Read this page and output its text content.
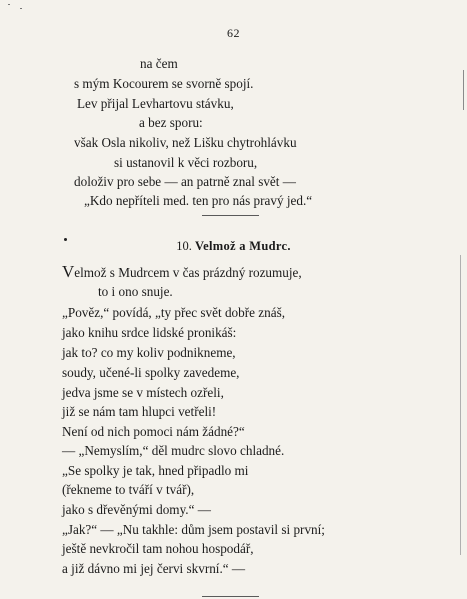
62
na čem
s mým Kocourem se svorně spojí.
Lev přijal Levhartovu stávku,
a bez sporu:
však Osla nikoliv, než Lišku chytrohlávku
si ustanovil k věci rozboru,
doloživ pro sebe — an patrně znal svět —
„Kdo nepříteli med. ten pro nás pravý jed.“
10. Velmož a Mudrc.
Velmož s Mudrcem v čas prázdný rozumuje,
to i ono snuje.
„Pověz,“ povídá, „ty přec svět dobře znáš,
jako knihu srdce lidské pronikáš:
jak to? co my koliv podnikneme,
soudy, učené-li spolky zavedeme,
jedva jsme se v místech ozřeli,
již se nám tam hlupci vetřeli!
Není od nich pomoci nám žádné?“
— „Nemyslím,“ děl mudrc slovo chladné.
„Se spolky je tak, hned připadlo mi
(řekneme to tváří v tvář),
jako s dřevěnými domy.“ —
„Jak?“ — „Nu takhle: dům jsem postavil si první;
ještě nevkročil tam nohou hospodář,
a již dávno mi jej červi skvrní.“ —
